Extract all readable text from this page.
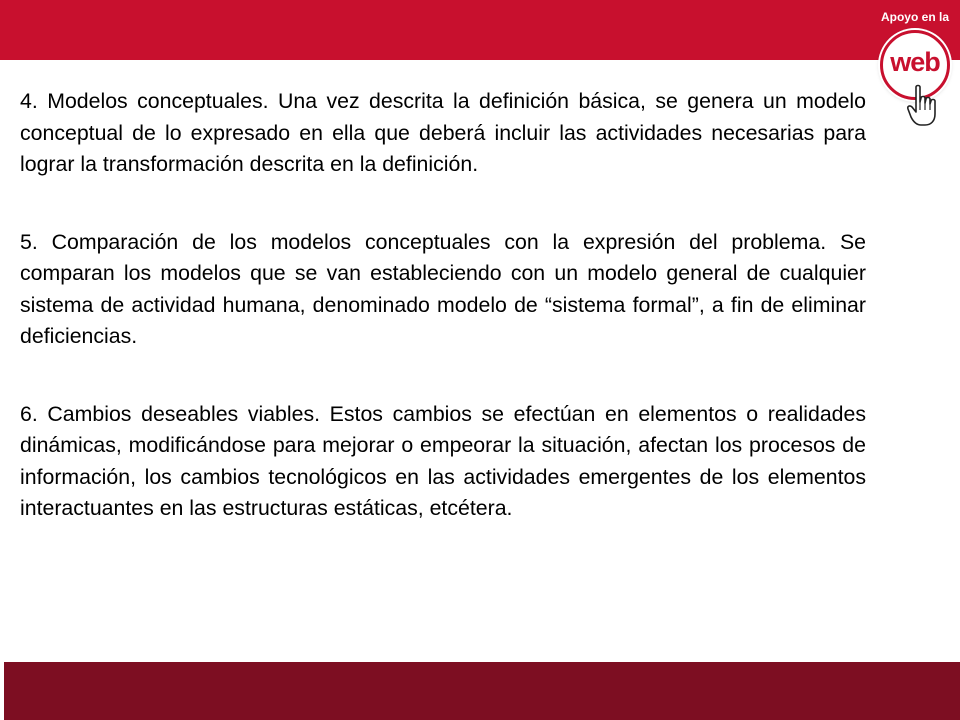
Apoyo en la
web

4. Modelos conceptuales. Una vez descrita la definición básica, se genera un modelo conceptual de lo expresado en ella que deberá incluir las actividades necesarias para lograr la transformación descrita en la definición.

5. Comparación de los modelos conceptuales con la expresión del problema. Se comparan los modelos que se van estableciendo con un modelo general de cualquier sistema de actividad humana, denominado modelo de “sistema formal”, a fin de eliminar deficiencias.

6. Cambios deseables viables. Estos cambios se efectúan en elementos o realidades dinámicas, modificándose para mejorar o empeorar la situación, afectan los procesos de información, los cambios tecnológicos en las actividades emergentes de los elementos interactuantes en las estructuras estáticas, etcétera.
